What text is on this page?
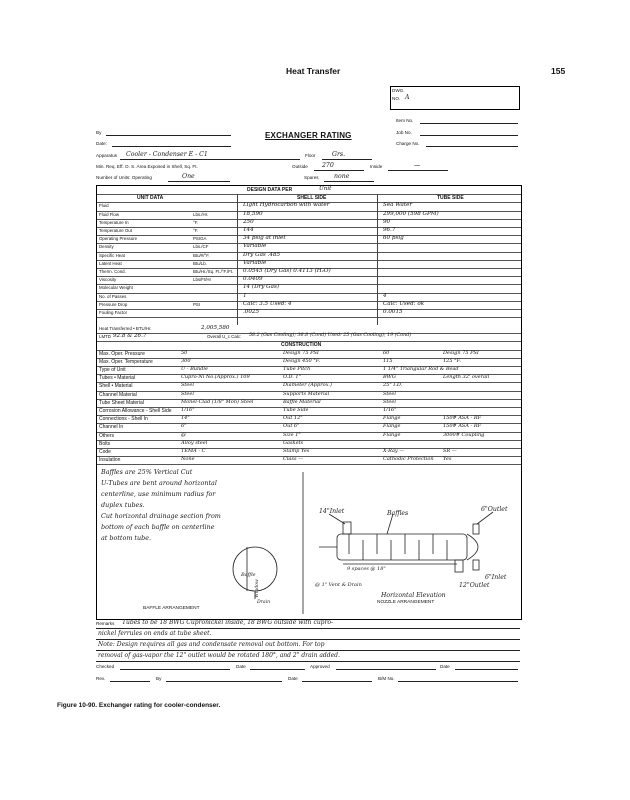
Heat Transfer	155
DWG.
NO. A
Item No.
By	EXCHANGER RATING	Job No.
Date:	Charge No.
Apparatus Cooler - Condenser E - C1	Floor	Grs.
Min. Req. Eff. O. S. Area Exposed in Shell, Sq. Ft.	Outside 270	Inside	—
Number of Units: Operating	One	Spares none
DESIGN DATA PER	Unit
UNIT DATA	SHELL SIDE	TUBE SIDE
Fluid	Light Hydrocarbon with water	Sea Water
Fluid Flow	Lbs./Hr.	18,590	299,000 (598 GPM)
Temperature In	°F.	250	90
Temperature Out	°F.	144	96.7
Operating Pressure	PSIGA	34 psig at inlet	60 psig
Density	Lbs./CF	Variable
Specific Heat	Btu/#/°F.	Dry Gas .485
Latent Heat	Btu/Lb.	Variable
Therm. Cond.	Btu/Hr./Sq. Ft./°F./Ft. 0.0545 (Dry Gas) 0.4113 (H₂O)
Viscosity	Lbs/Ft/Hr	0.0409
Molecular Weight	14 (Dry Gas)
No. of Passes	1	4
Pressure Drop	PSI	Calc: 3.5 Used: 4	Calc: Used: ok
Fouling Factor	.0025	0.0015
Heat Transferred • BTU/Hr.	2,005,580
LMTD 92.8 & 26.7	Overall U_c Calc: 58.2 (Gas Cooling); 36.8 (Cond) Used: 25 (Gas Cooling); 19 (Cond)
CONSTRUCTION
Max. Oper. Pressure	50	Design 75 PSI	60	Design 75 PSI
Max. Oper. Temperature	300	Design 450 °F.	115	125 °F.
Type of Unit	U - Bundle	Tube Pitch	1 1/4" Triangular Rod & Bead
Tubes • Material	Cupro-Ni No.(Approx.) 109	O.D. 1"	BWG	Length 32' overall
Shell • Material	Steel	Diameter (Approx.)	25" I.D.
Channel Material	Steel	Supports Material	Steel
Tube Sheet Material	Monel-Clad (1/8" Mon) Steel	Baffle Material	Steel
Corrosion Allowance - Shell Side 1/16"	Tube Side	1/16"
Connections - Shell In	14"	Out 12"	Flange	150# ASA - RF
Channel In	6"	Out 6"	Flange	150# ASA - RF
Others	@	Size 1"	Flange	3000# Coupling
Bolts	Alloy steel	Gaskets
Code	TEMA - C	Stamp Yes	X-Ray —	SR —
Insulation	None	Class —	Cathodic Protection Yes
Baffles are 25% Vertical Cut
U-Tubes are bent around horizontal
centerline, use minimum radius for
duplex tubes.
Cut horizontal drainage section from
bottom of each baffle on centerline
at bottom tube.
Baffle
Window
Drain
14"Inlet	Baffles
6"Outlet
9 spaces @ 18"
6"Inlet
12"Outlet
@ 1" Vent & Drain
Horizontal Elevation
BAFFLE ARRANGEMENT
NOZZLE ARRANGEMENT
Remarks Tubes to be 18 BWG Cupronickel inside, 18 BWG outside with cupro-
nickel ferrules on ends at tube sheet.
Note: Design requires all gas and condensate removal out bottom. For top
removal of gas-vapor the 12" outlet would be rotated 180°, and 2" drain added.
Checked	Date	Approved	Date
Rev.	By	Date	B/M No.
Figure 10-90. Exchanger rating for cooler-condenser.
